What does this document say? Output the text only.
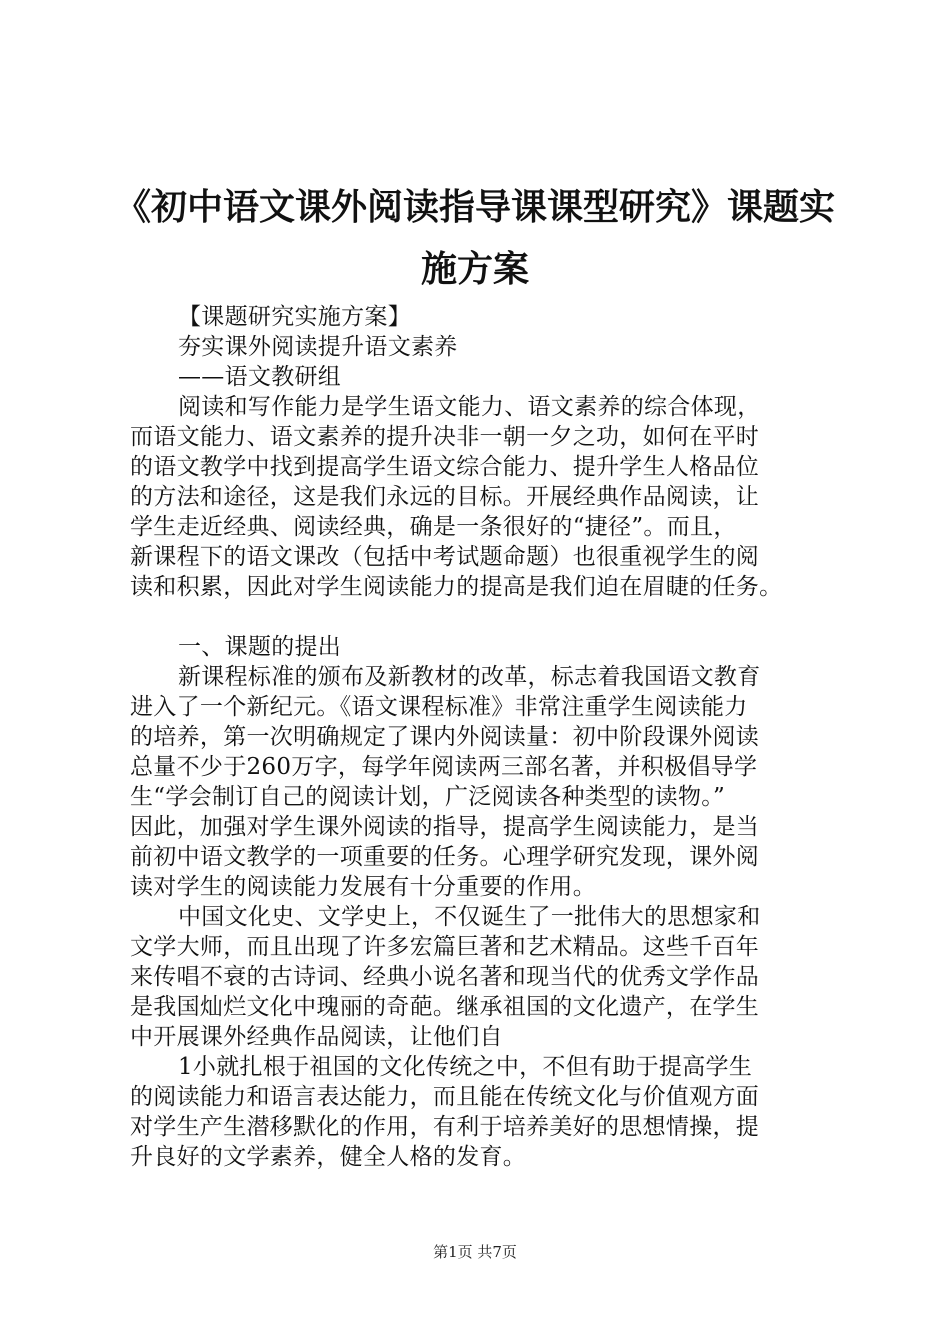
《初中语文课外阅读指导课课型研究》课题实
施方案
【课题研究实施方案】
夯实课外阅读提升语文素养
——语文教研组
阅读和写作能力是学生语文能力、语文素养的综合体现，
而语文能力、语文素养的提升决非一朝一夕之功，如何在平时
的语文教学中找到提高学生语文综合能力、提升学生人格品位
的方法和途径，这是我们永远的目标。开展经典作品阅读，让
学生走近经典、阅读经典，确是一条很好的“捷径”。而且，
新课程下的语文课改（包括中考试题命题）也很重视学生的阅
读和积累，因此对学生阅读能力的提高是我们迫在眉睫的任务。
一、课题的提出
新课程标准的颁布及新教材的改革，标志着我国语文教育
进入了一个新纪元。《语文课程标准》非常注重学生阅读能力
的培养，第一次明确规定了课内外阅读量：初中阶段课外阅读
总量不少于260万字，每学年阅读两三部名著，并积极倡导学
生“学会制订自己的阅读计划，广泛阅读各种类型的读物。”
因此，加强对学生课外阅读的指导，提高学生阅读能力，是当
前初中语文教学的一项重要的任务。心理学研究发现，课外阅
读对学生的阅读能力发展有十分重要的作用。
中国文化史、文学史上，不仅诞生了一批伟大的思想家和
文学大师，而且出现了许多宏篇巨著和艺术精品。这些千百年
来传唱不衰的古诗词、经典小说名著和现当代的优秀文学作品
是我国灿烂文化中瑰丽的奇葩。继承祖国的文化遗产，在学生
中开展课外经典作品阅读，让他们自
1小就扎根于祖国的文化传统之中，不但有助于提高学生
的阅读能力和语言表达能力，而且能在传统文化与价值观方面
对学生产生潜移默化的作用，有利于培养美好的思想情操，提
升良好的文学素养，健全人格的发育。
第1页 共7页
